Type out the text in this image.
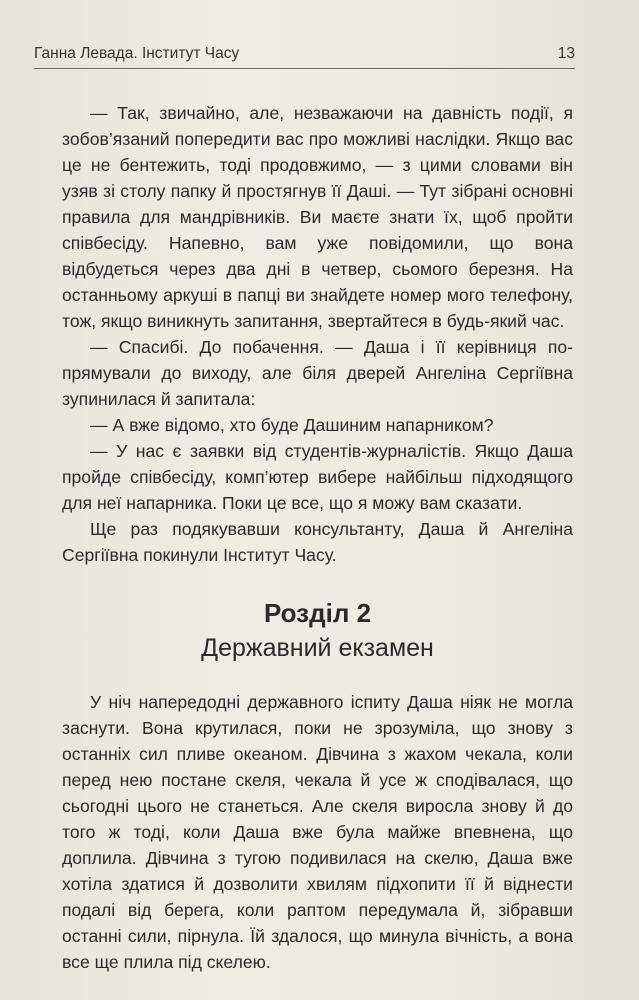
Ганна Левада. Інститут Часу	13

— Так, звичайно, але, незважаючи на давність події, я зобов’язаний попередити вас про можливі наслідки. Якщо вас це не бентежить, тоді продовжимо, — з цими словами він узяв зі столу папку й простягнув її Даші. — Тут зібрані основні правила для мандрівників. Ви маєте знати їх, щоб пройти співбесіду. Напевно, вам уже повідомили, що вона відбудеться через два дні в четвер, сьомого березня. На останньому аркуші в папці ви знайдете номер мого телефону, тож, якщо виникнуть запитання, звертайтеся в будь-який час.

— Спасибі. До побачення. — Даша і її керівниця попрямували до виходу, але біля дверей Ангеліна Сергіївна зупинилася й запитала:

— А вже відомо, хто буде Дашиним напарником?

— У нас є заявки від студентів-журналістів. Якщо Даша пройде співбесіду, комп’ютер вибере найбільш підходящого для неї напарника. Поки це все, що я можу вам сказати.

Ще раз подякувавши консультанту, Даша й Ангеліна Сергіївна покинули Інститут Часу.

Розділ 2
Державний екзамен

У ніч напередодні державного іспиту Даша ніяк не могла заснути. Вона крутилася, поки не зрозуміла, що знову з останніх сил пливе океаном. Дівчина з жахом чекала, коли перед нею постане скеля, чекала й усе ж сподівалася, що сьогодні цього не станеться. Але скеля виросла знову й до того ж тоді, коли Даша вже була майже впевнена, що доплила. Дівчина з тугою подивилася на скелю, Даша вже хотіла здатися й дозволити хвилям підхопити її й віднести подалі від берега, коли раптом передумала й, зібравши останні сили, пірнула. Їй здалося, що минула вічність, а вона все ще плила під скелею.
